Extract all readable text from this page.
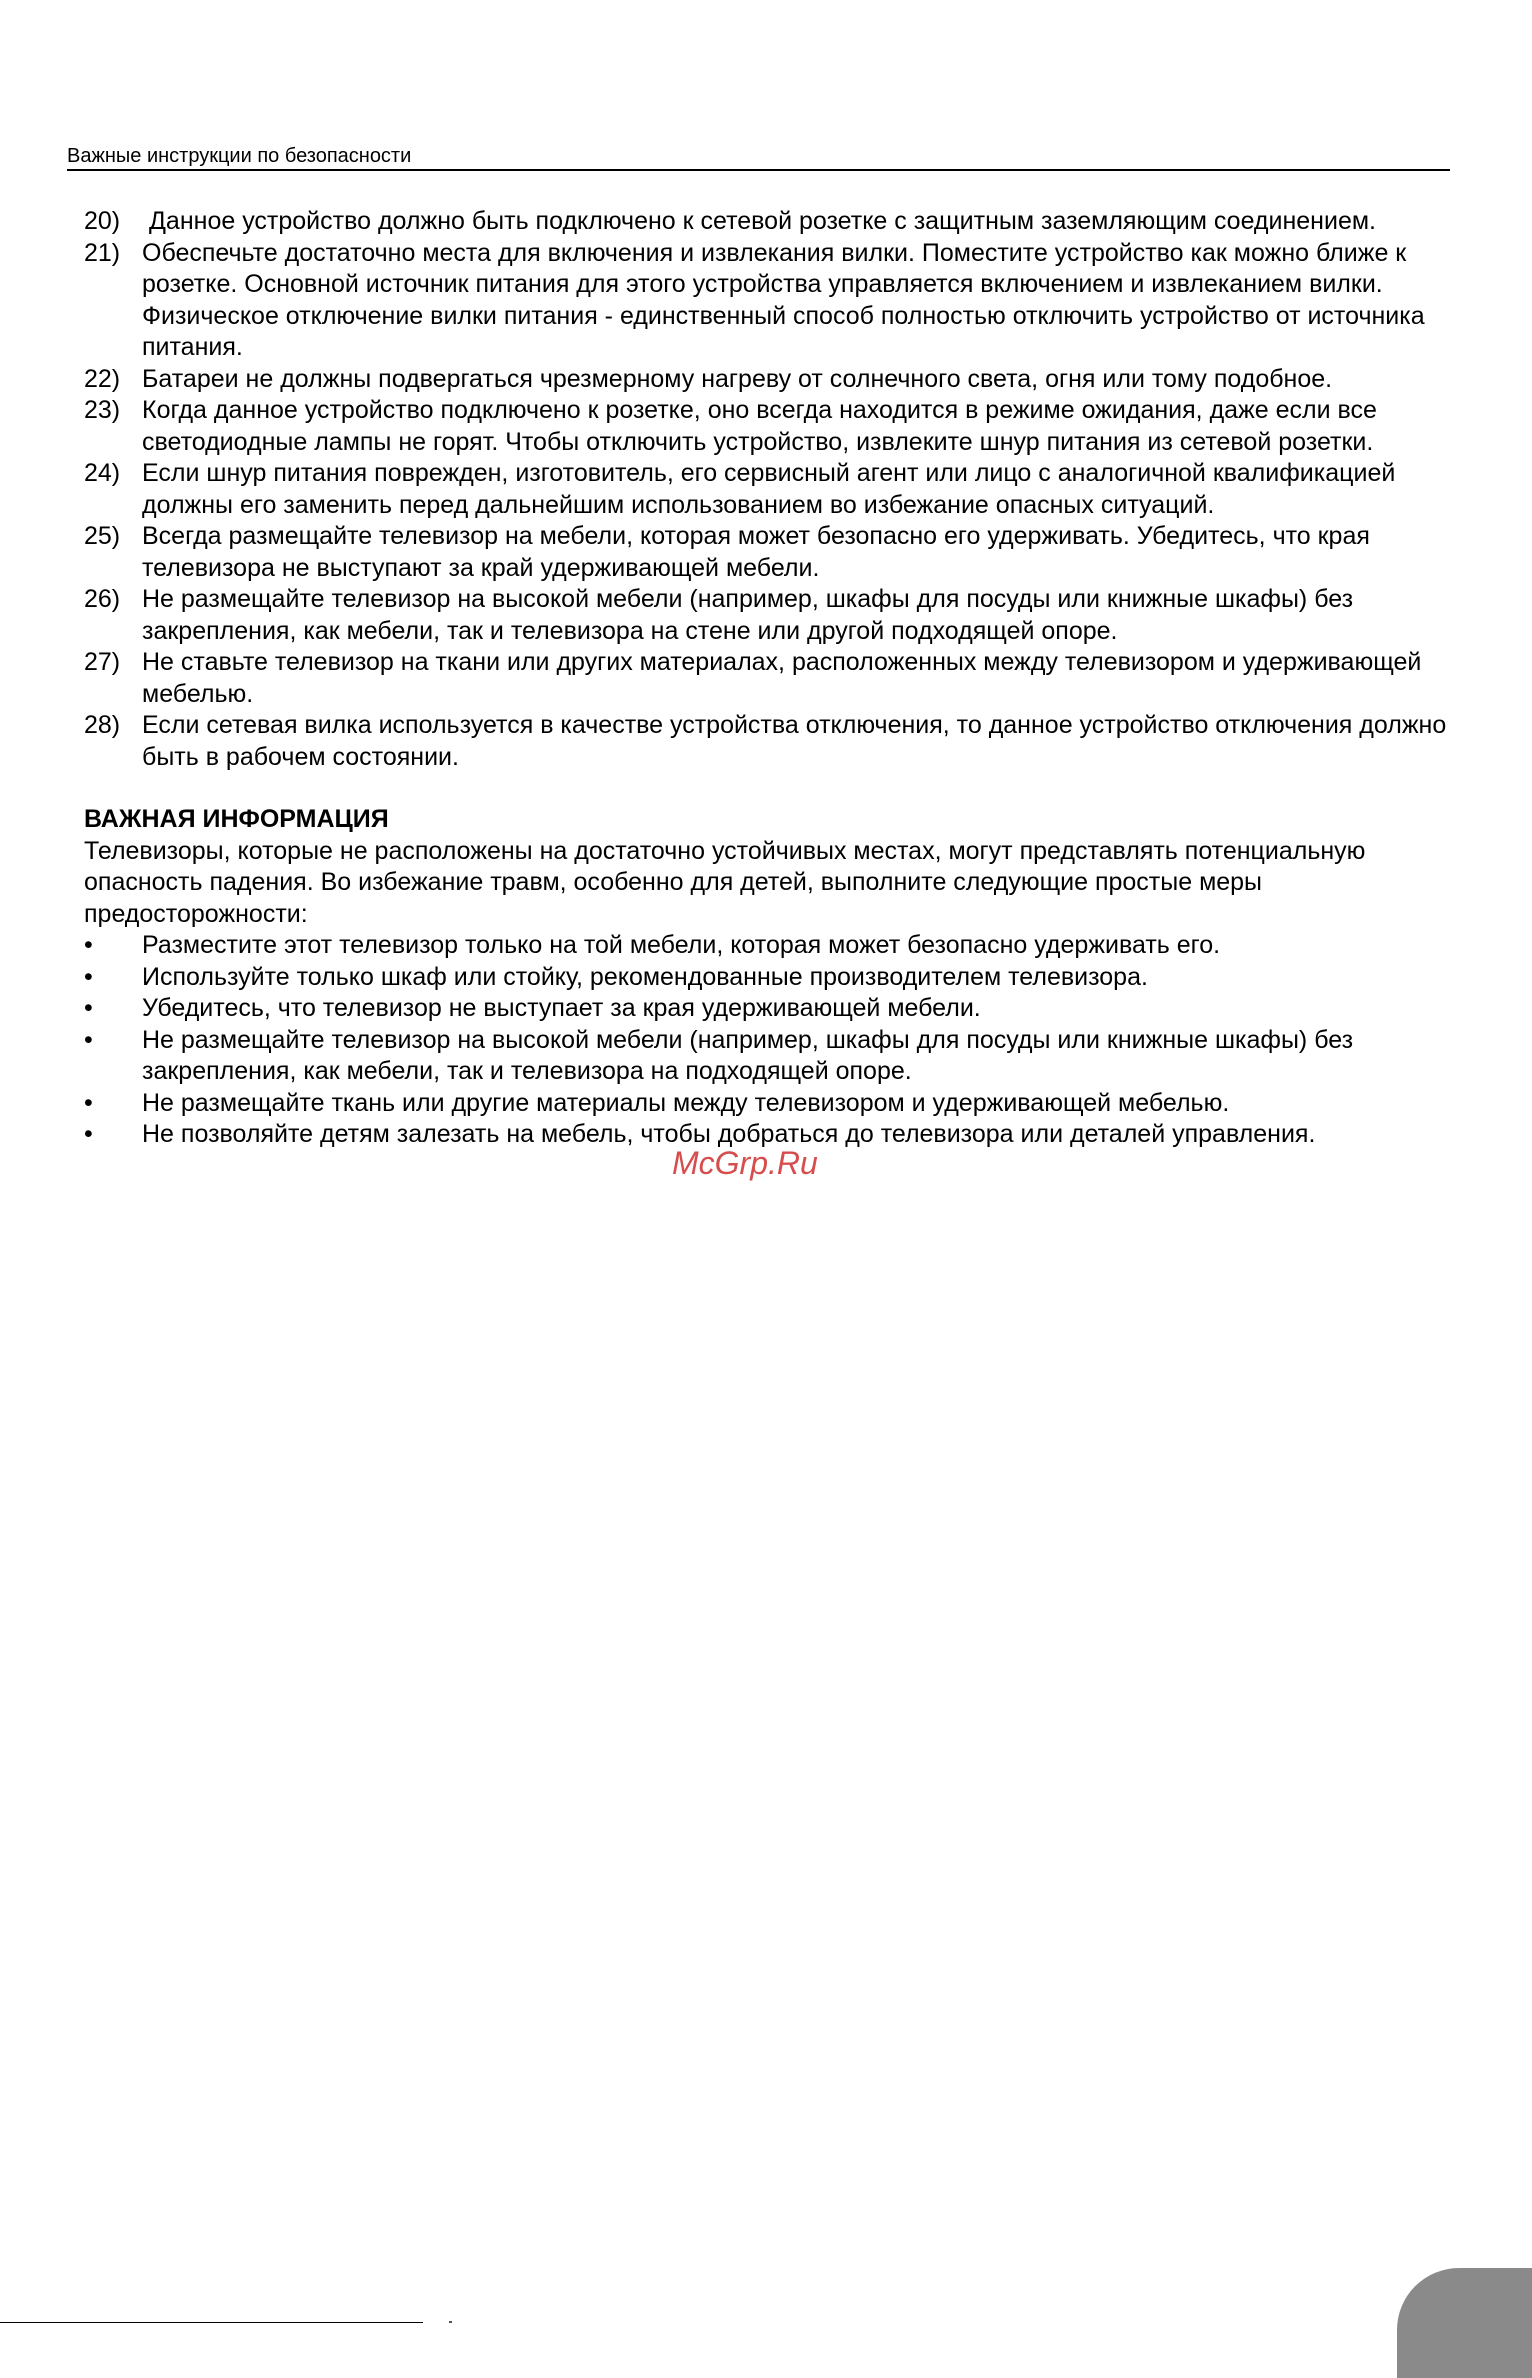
Важные инструкции по безопасности
20)	Данное устройство должно быть подключено к сетевой розетке с защитным заземляющим соединением.
21) Обеспечьте достаточно места для включения и извлекания вилки. Поместите устройство как можно ближе к розетке. Основной источник питания для этого устройства управляется включением и извлеканием вилки. Физическое отключение вилки питания - единственный способ полностью отключить устройство от источника питания.
22) Батареи не должны подвергаться чрезмерному нагреву от солнечного света, огня или тому подобное.
23) Когда данное устройство подключено к розетке, оно всегда находится в режиме ожидания, даже если все светодиодные лампы не горят. Чтобы отключить устройство, извлеките шнур питания из сетевой розетки.
24) Если шнур питания поврежден, изготовитель, его сервисный агент или лицо с аналогичной квалификацией должны его заменить перед дальнейшим использованием во избежание опасных ситуаций.
25) Всегда размещайте телевизор на мебели, которая может безопасно его удерживать. Убедитесь, что края телевизора не выступают за край удерживающей мебели.
26) Не размещайте телевизор на высокой мебели (например, шкафы для посуды или книжные шкафы) без закрепления, как мебели, так и телевизора на стене или другой подходящей опоре.
27) Не ставьте телевизор на ткани или других материалах, расположенных между телевизором и удерживающей мебелью.
28) Если сетевая вилка используется в качестве устройства отключения, то данное устройство отключения должно быть в рабочем состоянии.
ВАЖНАЯ ИНФОРМАЦИЯ

Телевизоры, которые не расположены на достаточно устойчивых местах, могут представлять потенциальную опасность падения. Во избежание травм, особенно для детей, выполните следующие простые меры предосторожности:

•	Разместите этот телевизор только на той мебели, которая может безопасно удерживать его.
•	Используйте только шкаф или стойку, рекомендованные производителем телевизора.
•	Убедитесь, что телевизор не выступает за края удерживающей мебели.
•	Не размещайте телевизор на высокой мебели (например, шкафы для посуды или книжные шкафы) без закрепления, как мебели, так и телевизора на подходящей опоре.
•	Не размещайте ткань или другие материалы между телевизором и удерживающей мебелью.
•	Не позволяйте детям залезать на мебель, чтобы добраться до телевизора или деталей управления.
McGrp.Ru
